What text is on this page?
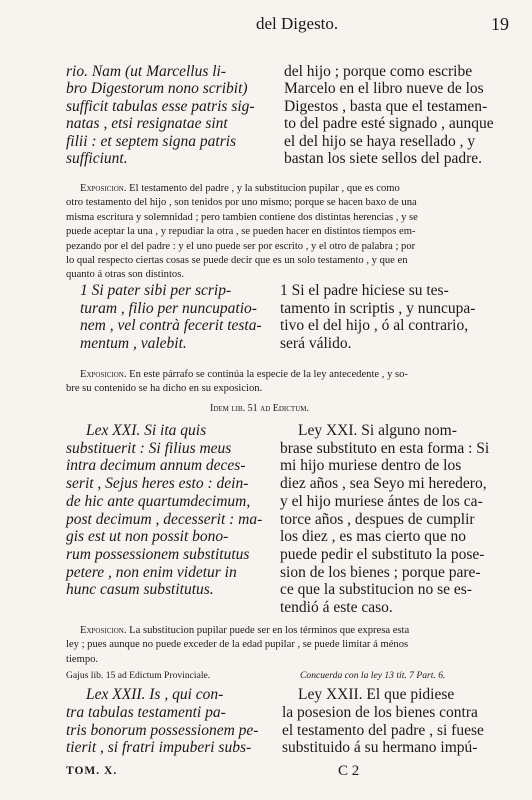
del Digesto.	19
rio. Nam (ut Marcellus li-
bro Digestorum nono scribit)
sufficit tabulas esse patris sig-
natas , etsi resignatae sint
filii : et septem signa patris
sufficiunt.
del hijo ; porque como escribe
Marcelo en el libro nueve de los
Digestos , basta que el testamen-
to del padre esté signado , aunque
el del hijo se haya resellado , y
bastan los siete sellos del padre.
Exposicion. El testamento del padre , y la substitucion pupilar , que es como
otro testamento del hijo , son tenidos por uno mismo; porque se hacen baxo de una
misma escritura y solemnidad ; pero tambien contiene dos distintas herencias , y se
puede aceptar la una , y repudiar la otra , se pueden hacer en distintos tiempos em-
pezando por el del padre : y el uno puede ser por escrito , y el otro de palabra ; por
lo qual respecto ciertas cosas se puede decir que es un solo testamento , y que en
quanto á otras son distintos.
1 Si pater sibi per scrip-
turam , filio per nuncupatio-
nem , vel contrà fecerit testa-
mentum , valebit.
1 Si el padre hiciese su tes-
tamento in scriptis , y nuncupa-
tivo el del hijo , ó al contrario,
será válido.
Exposicion. En este párrafo se continúa la especie de la ley antecedente , y so-
bre su contenido se ha dicho en su exposicion.
Idem lib. 51 ad Edictum.
Lex XXI. Si ita quis
substituerit : Si filius meus
intra decimum annum deces-
serit , Sejus heres esto : dein-
de hic ante quartumdecimum,
post decimum , decesserit : ma-
gis est ut non possit bono-
rum possessionem substitutus
petere , non enim videtur in
hunc casum substitutus.
Ley XXI. Si alguno nom-
brase substituto en esta forma : Si
mi hijo muriese dentro de los
diez años , sea Seyo mi heredero,
y el hijo muriese ántes de los ca-
torce años , despues de cumplir
los diez , es mas cierto que no
puede pedir el substituto la pose-
sion de los bienes ; porque pare-
ce que la substitucion no se es-
tendió á este caso.
Exposicion. La substitucion pupilar puede ser en los términos que expresa esta
ley ; pues aunque no puede exceder de la edad pupilar , se puede limitar á ménos
tiempo.
Gajus lib. 15 ad Edictum Provinciale.	Concuerda con la ley 13 tít. 7 Part. 6.
Lex XXII. Is , qui con-
tra tabulas testamenti pa-
tris bonorum possessionem pe-
tierit , si fratri impuberi subs-
Ley XXII. El que pidiese
la posesion de los bienes contra
el testamento del padre , si fuese
substituido á su hermano impú-
TOM. X.	C 2
